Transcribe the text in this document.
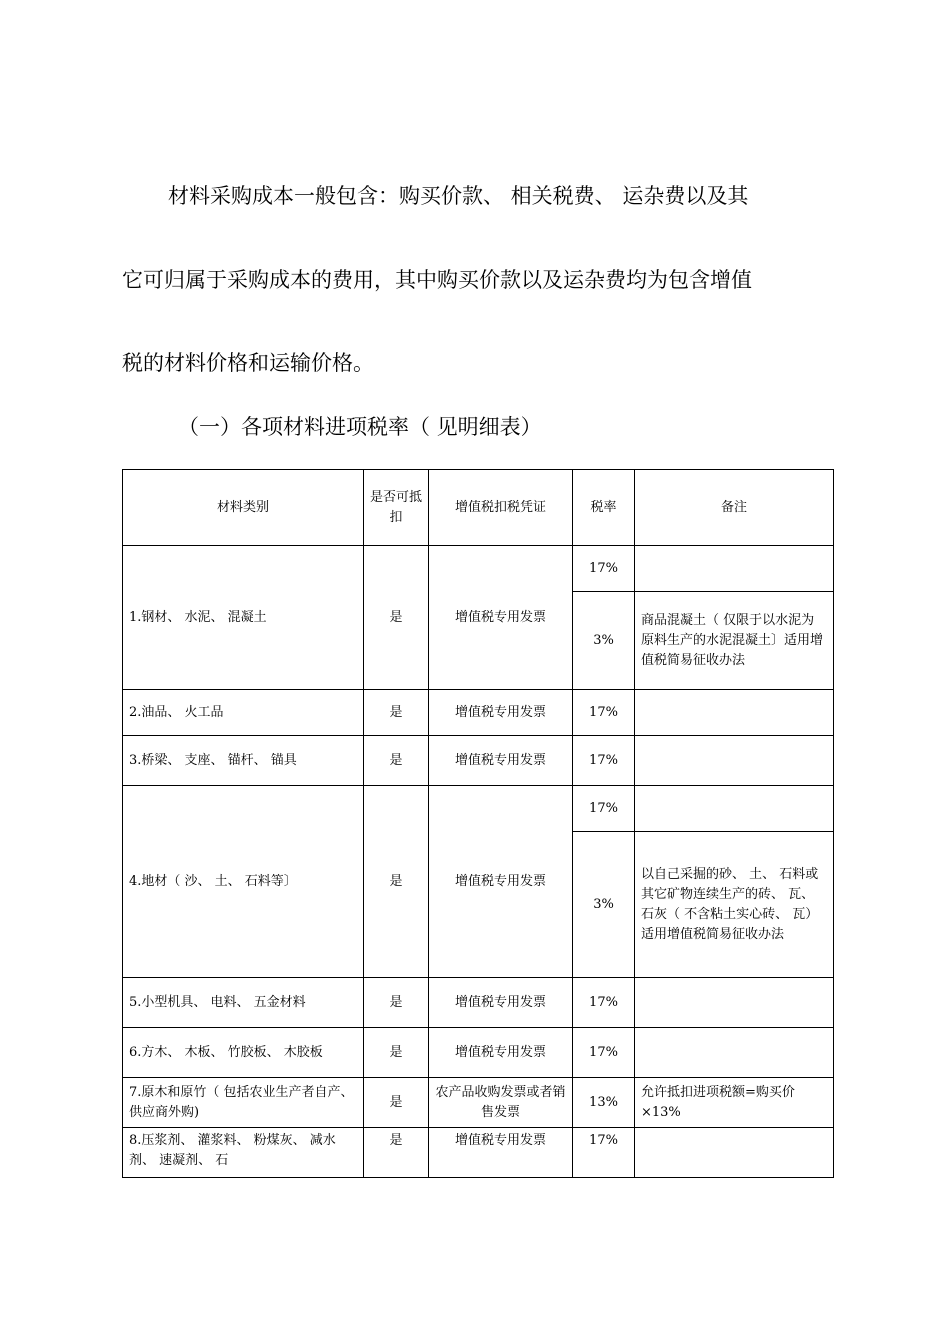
材料采购成本一般包含：购买价款、 相关税费、 运杂费以及其
它可归属于采购成本的费用，其中购买价款以及运杂费均为包含增值
税的材料价格和运输价格。
（一）各项材料进项税率（ 见明细表）
材料类别	是否可抵扣	增值税扣税凭证	税率	备注
1.钢材、 水泥、 混凝土	是	增值税专用发票	17%	
			3%	商品混凝土（ 仅限于以水泥为原料生产的水泥混凝土〕适用增值税简易征收办法
2.油品、 火工品	是	增值税专用发票	17%	
3.桥梁、 支座、 锚杆、 锚具	是	增值税专用发票	17%	
4.地材（ 沙、 土、 石料等〕	是	增值税专用发票	17%	
			3%	以自己采掘的砂、 土、 石料或其它矿物连续生产的砖、 瓦、 石灰（ 不含粘土实心砖、 瓦）适用增值税简易征收办法
5.小型机具、 电料、 五金材料	是	增值税专用发票	17%	
6.方木、 木板、 竹胶板、 木胶板	是	增值税专用发票	17%	
7.原木和原竹（ 包括农业生产者自产、 供应商外购)	是	农产品收购发票或者销售发票	13%	允许抵扣进项税额=购买价×13%
8.压浆剂、 灌浆料、 粉煤灰、 减水剂、 速凝剂、 石	是	增值税专用发票	17%	
